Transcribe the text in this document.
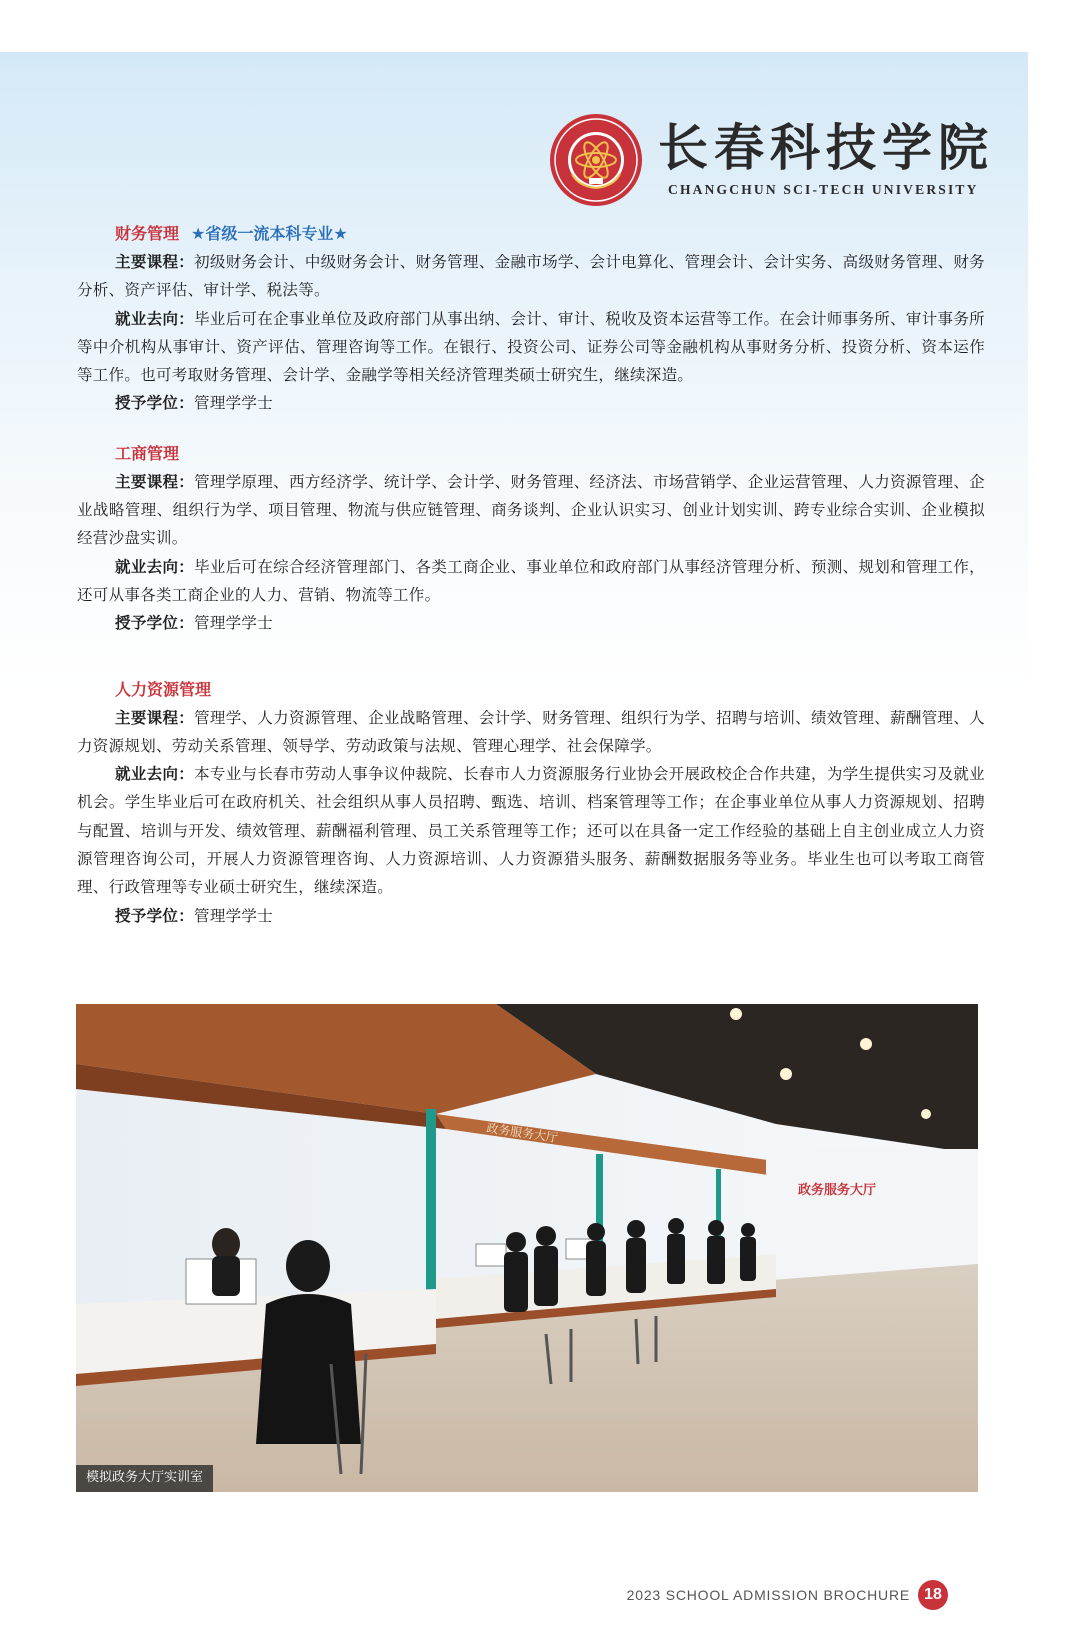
长春科技学院
CHANGCHUN SCI-TECH UNIVERSITY
财务管理 ★省级一流本科专业★

主要课程：初级财务会计、中级财务会计、财务管理、金融市场学、会计电算化、管理会计、会计实务、高级财务管理、财务分析、资产评估、审计学、税法等。

就业去向：毕业后可在企事业单位及政府部门从事出纳、会计、审计、税收及资本运营等工作。在会计师事务所、审计事务所等中介机构从事审计、资产评估、管理咨询等工作。在银行、投资公司、证券公司等金融机构从事财务分析、投资分析、资本运作等工作。也可考取财务管理、会计学、金融学等相关经济管理类硕士研究生，继续深造。

授予学位：管理学学士

工商管理

主要课程：管理学原理、西方经济学、统计学、会计学、财务管理、经济法、市场营销学、企业运营管理、人力资源管理、企业战略管理、组织行为学、项目管理、物流与供应链管理、商务谈判、企业认识实习、创业计划实训、跨专业综合实训、企业模拟经营沙盘实训。

就业去向：毕业后可在综合经济管理部门、各类工商企业、事业单位和政府部门从事经济管理分析、预测、规划和管理工作，还可从事各类工商企业的人力、营销、物流等工作。

授予学位：管理学学士

人力资源管理

主要课程：管理学、人力资源管理、企业战略管理、会计学、财务管理、组织行为学、招聘与培训、绩效管理、薪酬管理、人力资源规划、劳动关系管理、领导学、劳动政策与法规、管理心理学、社会保障学。

就业去向：本专业与长春市劳动人事争议仲裁院、长春市人力资源服务行业协会开展政校企合作共建，为学生提供实习及就业机会。学生毕业后可在政府机关、社会组织从事人员招聘、甄选、培训、档案管理等工作；在企事业单位从事人力资源规划、招聘与配置、培训与开发、绩效管理、薪酬福利管理、员工关系管理等工作；还可以在具备一定工作经验的基础上自主创业成立人力资源管理咨询公司，开展人力资源管理咨询、人力资源培训、人力资源猎头服务、薪酬数据服务等业务。毕业生也可以考取工商管理、行政管理等专业硕士研究生，继续深造。

授予学位：管理学学士

政务服务大厅
政务服务大厅
模拟政务大厅实训室
2023 SCHOOL ADMISSION BROCHURE 18
